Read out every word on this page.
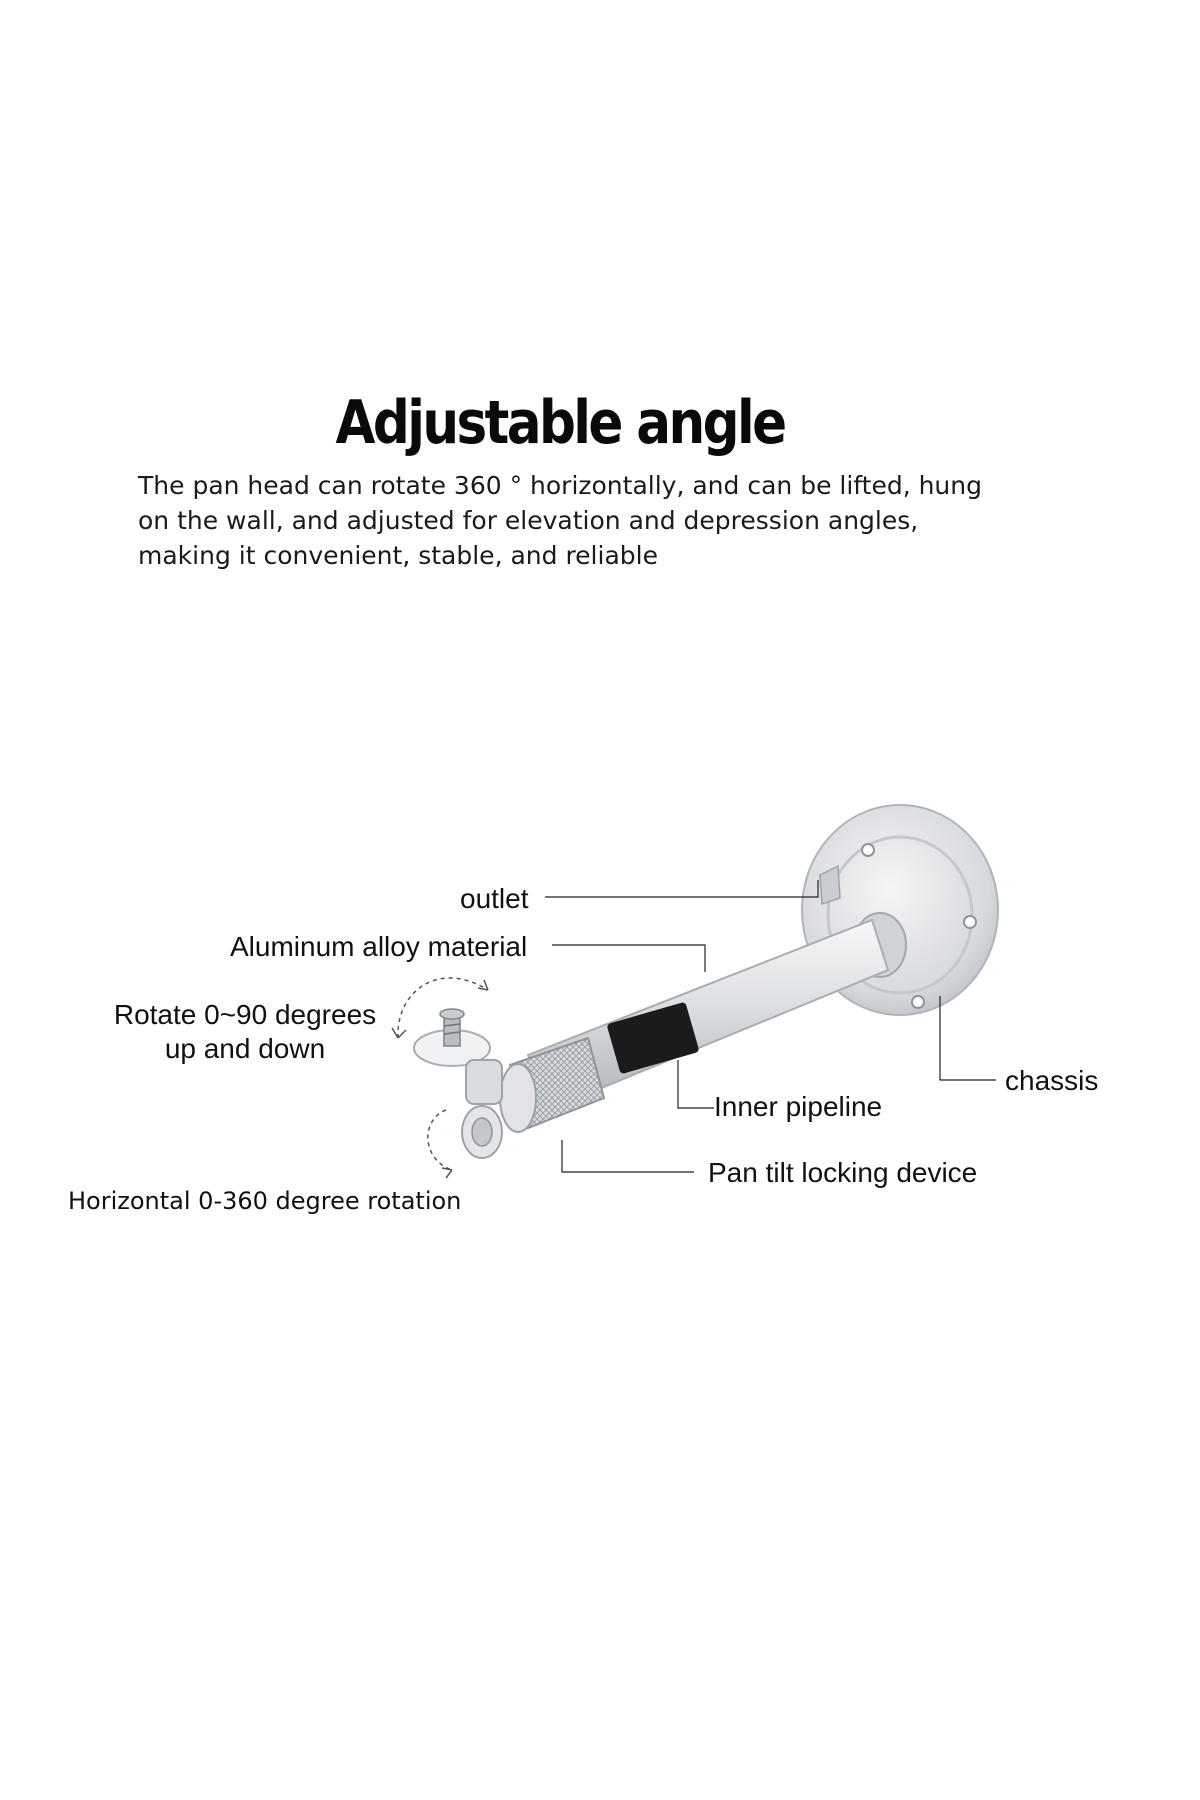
Adjustable angle

The pan head can rotate 360 ° horizontally, and can be lifted, hung on the wall, and adjusted for elevation and depression angles, making it convenient, stable, and reliable

outlet
Aluminum alloy material
Rotate 0~90 degrees
up and down
chassis
Inner pipeline
Pan tilt locking device
Horizontal 0-360 degree rotation
